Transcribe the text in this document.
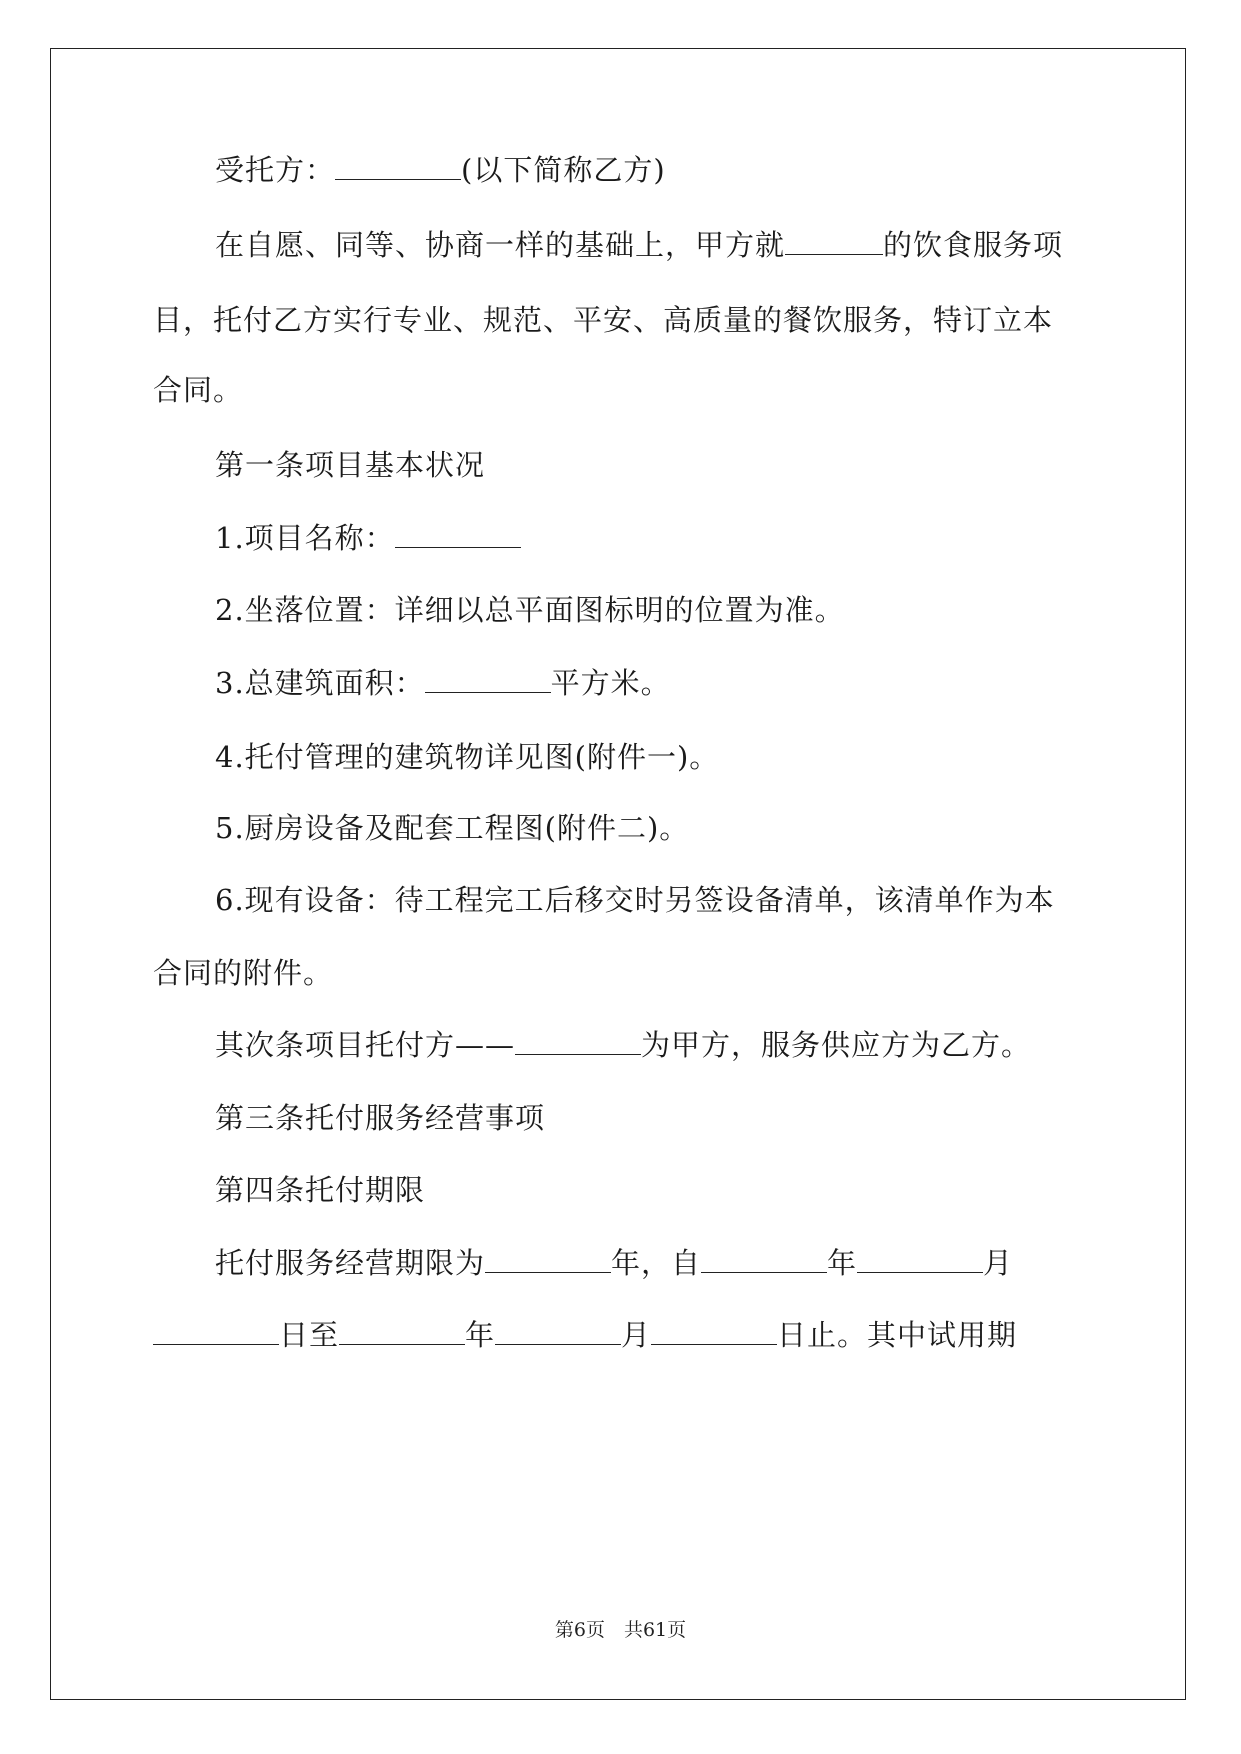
受托方：	(以下简称乙方)
在自愿、同等、协商一样的基础上，甲方就	的饮食服务项
目，托付乙方实行专业、规范、平安、高质量的餐饮服务，特订立本
合同。
第一条项目基本状况
1.项目名称：
2.坐落位置：详细以总平面图标明的位置为准。
3.总建筑面积：	平方米。
4.托付管理的建筑物详见图(附件一)。
5.厨房设备及配套工程图(附件二)。
6.现有设备：待工程完工后移交时另签设备清单，该清单作为本
合同的附件。
其次条项目托付方——	为甲方，服务供应方为乙方。
第三条托付服务经营事项
第四条托付期限
托付服务经营期限为	年，自	年	月
日至	年	月	日止。其中试用期
第6页　共61页
